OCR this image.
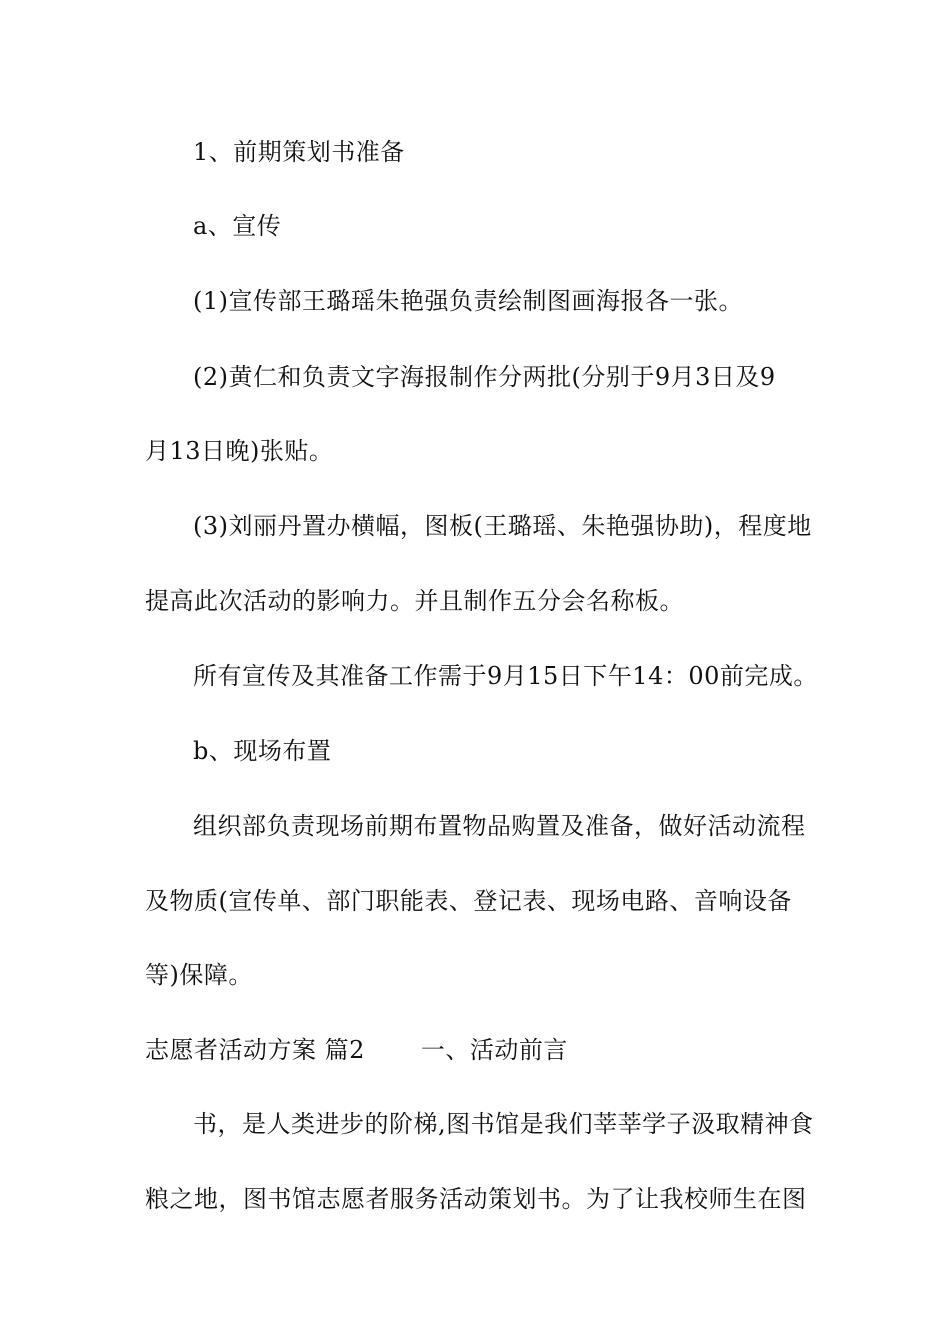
1、前期策划书准备
a、宣传
(1)宣传部王璐瑶朱艳强负责绘制图画海报各一张。
(2)黄仁和负责文字海报制作分两批(分别于9月3日及9
月13日晚)张贴。
(3)刘丽丹置办横幅，图板(王璐瑶、朱艳强协助)，程度地
提高此次活动的影响力。并且制作五分会名称板。
所有宣传及其准备工作需于9月15日下午14：00前完成。
b、现场布置
组织部负责现场前期布置物品购置及准备，做好活动流程
及物质(宣传单、部门职能表、登记表、现场电路、音响设备
等)保障。
志愿者活动方案 篇2 一、活动前言
书，是人类进步的阶梯,图书馆是我们莘莘学子汲取精神食
粮之地，图书馆志愿者服务活动策划书。为了让我校师生在图
